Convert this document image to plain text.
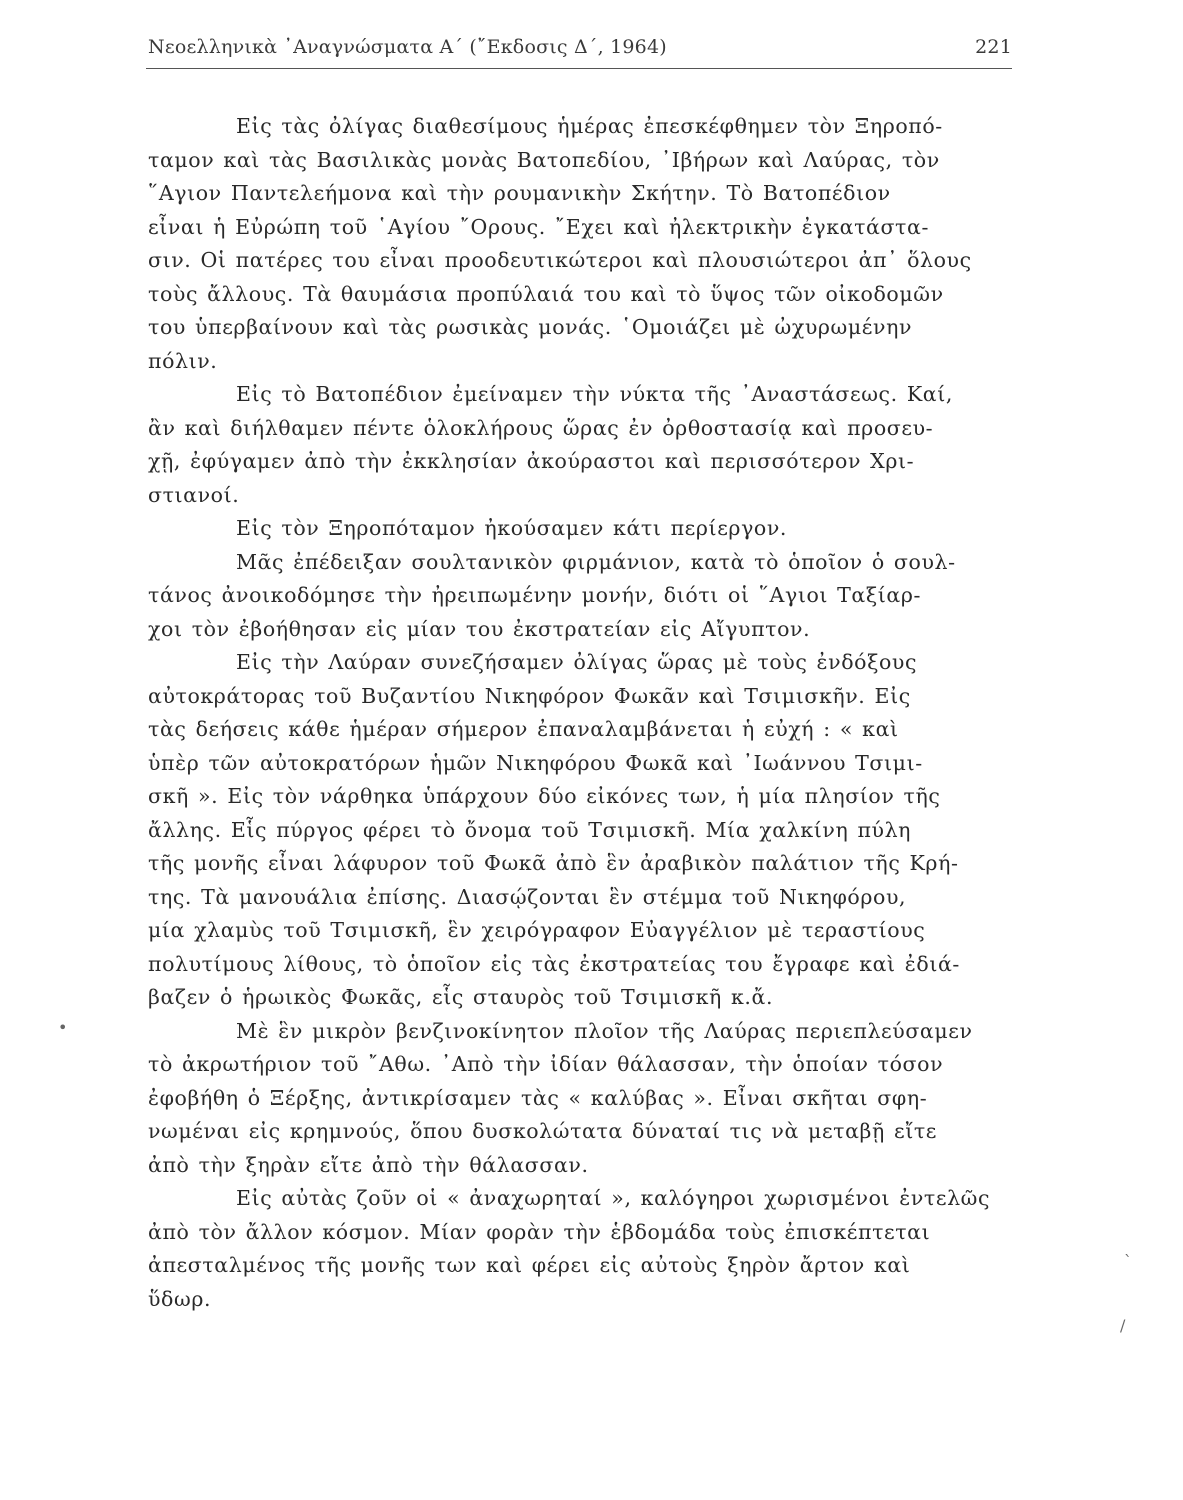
Νεοελληνικὰ ᾿Αναγνώσματα Α΄ (῎Εκδοσις Δ΄, 1964)	221
Εἰς τὰς ὀλίγας διαθεσίμους ἡμέρας ἐπεσκέφθημεν τὸν Ξηροπό-
ταμον καὶ τὰς Βασιλικὰς μονὰς Βατοπεδίου, ᾿Ιβήρων καὶ Λαύρας, τὸν
῞Αγιον Παντελεήμονα καὶ τὴν ρουμανικὴν Σκήτην. Τὸ Βατοπέδιον
εἶναι ἡ Εὐρώπη τοῦ ῾Αγίου ῎Ορους. ῎Εχει καὶ ἠλεκτρικὴν ἐγκατάστα-
σιν. Οἱ πατέρες του εἶναι προοδευτικώτεροι καὶ πλουσιώτεροι ἀπ᾿ ὅλους
τοὺς ἄλλους. Τὰ θαυμάσια προπύλαιά του καὶ τὸ ὕψος τῶν οἰκοδομῶν
του ὑπερβαίνουν καὶ τὰς ρωσικὰς μονάς. ῾Ομοιάζει μὲ ὠχυρωμένην
πόλιν.
Εἰς τὸ Βατοπέδιον ἐμείναμεν τὴν νύκτα τῆς ᾿Αναστάσεως. Καί,
ἂν καὶ διήλθαμεν πέντε ὁλοκλήρους ὥρας ἐν ὀρθοστασίᾳ καὶ προσευ-
χῇ, ἐφύγαμεν ἀπὸ τὴν ἐκκλησίαν ἀκούραστοι καὶ περισσότερον Χρι-
στιανοί.
Εἰς τὸν Ξηροπόταμον ἠκούσαμεν κάτι περίεργον.
Μᾶς ἐπέδειξαν σουλτανικὸν φιρμάνιον, κατὰ τὸ ὁποῖον ὁ σουλ-
τάνος ἀνοικοδόμησε τὴν ἠρειπωμένην μονήν, διότι οἱ ῞Αγιοι Ταξίαρ-
χοι τὸν ἐβοήθησαν εἰς μίαν του ἐκστρατείαν εἰς Αἴγυπτον.
Εἰς τὴν Λαύραν συνεζήσαμεν ὀλίγας ὥρας μὲ τοὺς ἐνδόξους
αὐτοκράτορας τοῦ Βυζαντίου Νικηφόρον Φωκᾶν καὶ Τσιμισκῆν. Εἰς
τὰς δεήσεις κάθε ἡμέραν σήμερον ἐπαναλαμβάνεται ἡ εὐχή : « καὶ
ὑπὲρ τῶν αὐτοκρατόρων ἡμῶν Νικηφόρου Φωκᾶ καὶ ᾿Ιωάννου Τσιμι-
σκῆ ». Εἰς τὸν νάρθηκα ὑπάρχουν δύο εἰκόνες των, ἡ μία πλησίον τῆς
ἄλλης. Εἷς πύργος φέρει τὸ ὄνομα τοῦ Τσιμισκῆ. Μία χαλκίνη πύλη
τῆς μονῆς εἶναι λάφυρον τοῦ Φωκᾶ ἀπὸ ἓν ἀραβικὸν παλάτιον τῆς Κρή-
της. Τὰ μανουάλια ἐπίσης. Διασῴζονται ἓν στέμμα τοῦ Νικηφόρου,
μία χλαμὺς τοῦ Τσιμισκῆ, ἓν χειρόγραφον Εὐαγγέλιον μὲ τεραστίους
πολυτίμους λίθους, τὸ ὁποῖον εἰς τὰς ἐκστρατείας του ἔγραφε καὶ ἐδιά-
βαζεν ὁ ἡρωικὸς Φωκᾶς, εἷς σταυρὸς τοῦ Τσιμισκῆ κ.ἄ.
Μὲ ἓν μικρὸν βενζινοκίνητον πλοῖον τῆς Λαύρας περιεπλεύσαμεν
τὸ ἀκρωτήριον τοῦ ῎Αθω. ᾿Απὸ τὴν ἰδίαν θάλασσαν, τὴν ὁποίαν τόσον
ἐφοβήθη ὁ Ξέρξης, ἀντικρίσαμεν τὰς « καλύβας ». Εἶναι σκῆται σφη-
νωμέναι εἰς κρημνούς, ὅπου δυσκολώτατα δύναταί τις νὰ μεταβῇ εἴτε
ἀπὸ τὴν ξηρὰν εἴτε ἀπὸ τὴν θάλασσαν.
Εἰς αὐτὰς ζοῦν οἱ « ἀναχωρηταί », καλόγηροι χωρισμένοι ἐντελῶς
ἀπὸ τὸν ἄλλον κόσμον. Μίαν φορὰν τὴν ἑβδομάδα τοὺς ἐπισκέπτεται
ἀπεσταλμένος τῆς μονῆς των καὶ φέρει εἰς αὐτοὺς ξηρὸν ἄρτον καὶ
ὕδωρ.
•
`
/
